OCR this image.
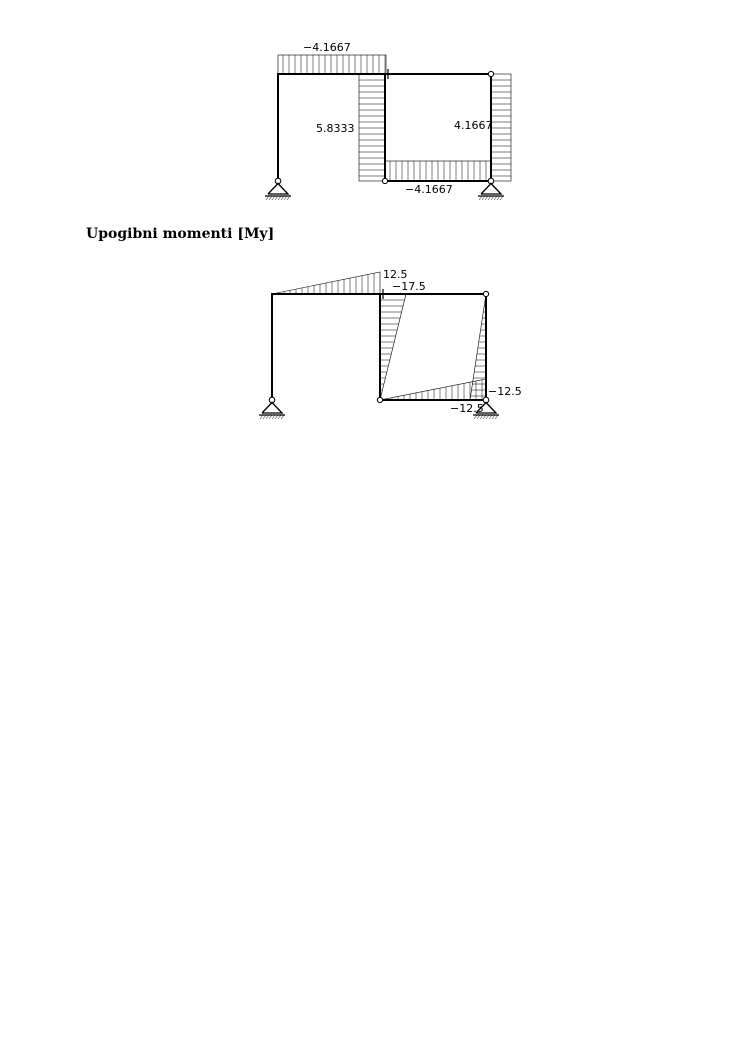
−4.1667
5.8333	4.1667
−4.1667
Upogibni momenti [My]
12.5
−17.5
−12.5
−12.5
